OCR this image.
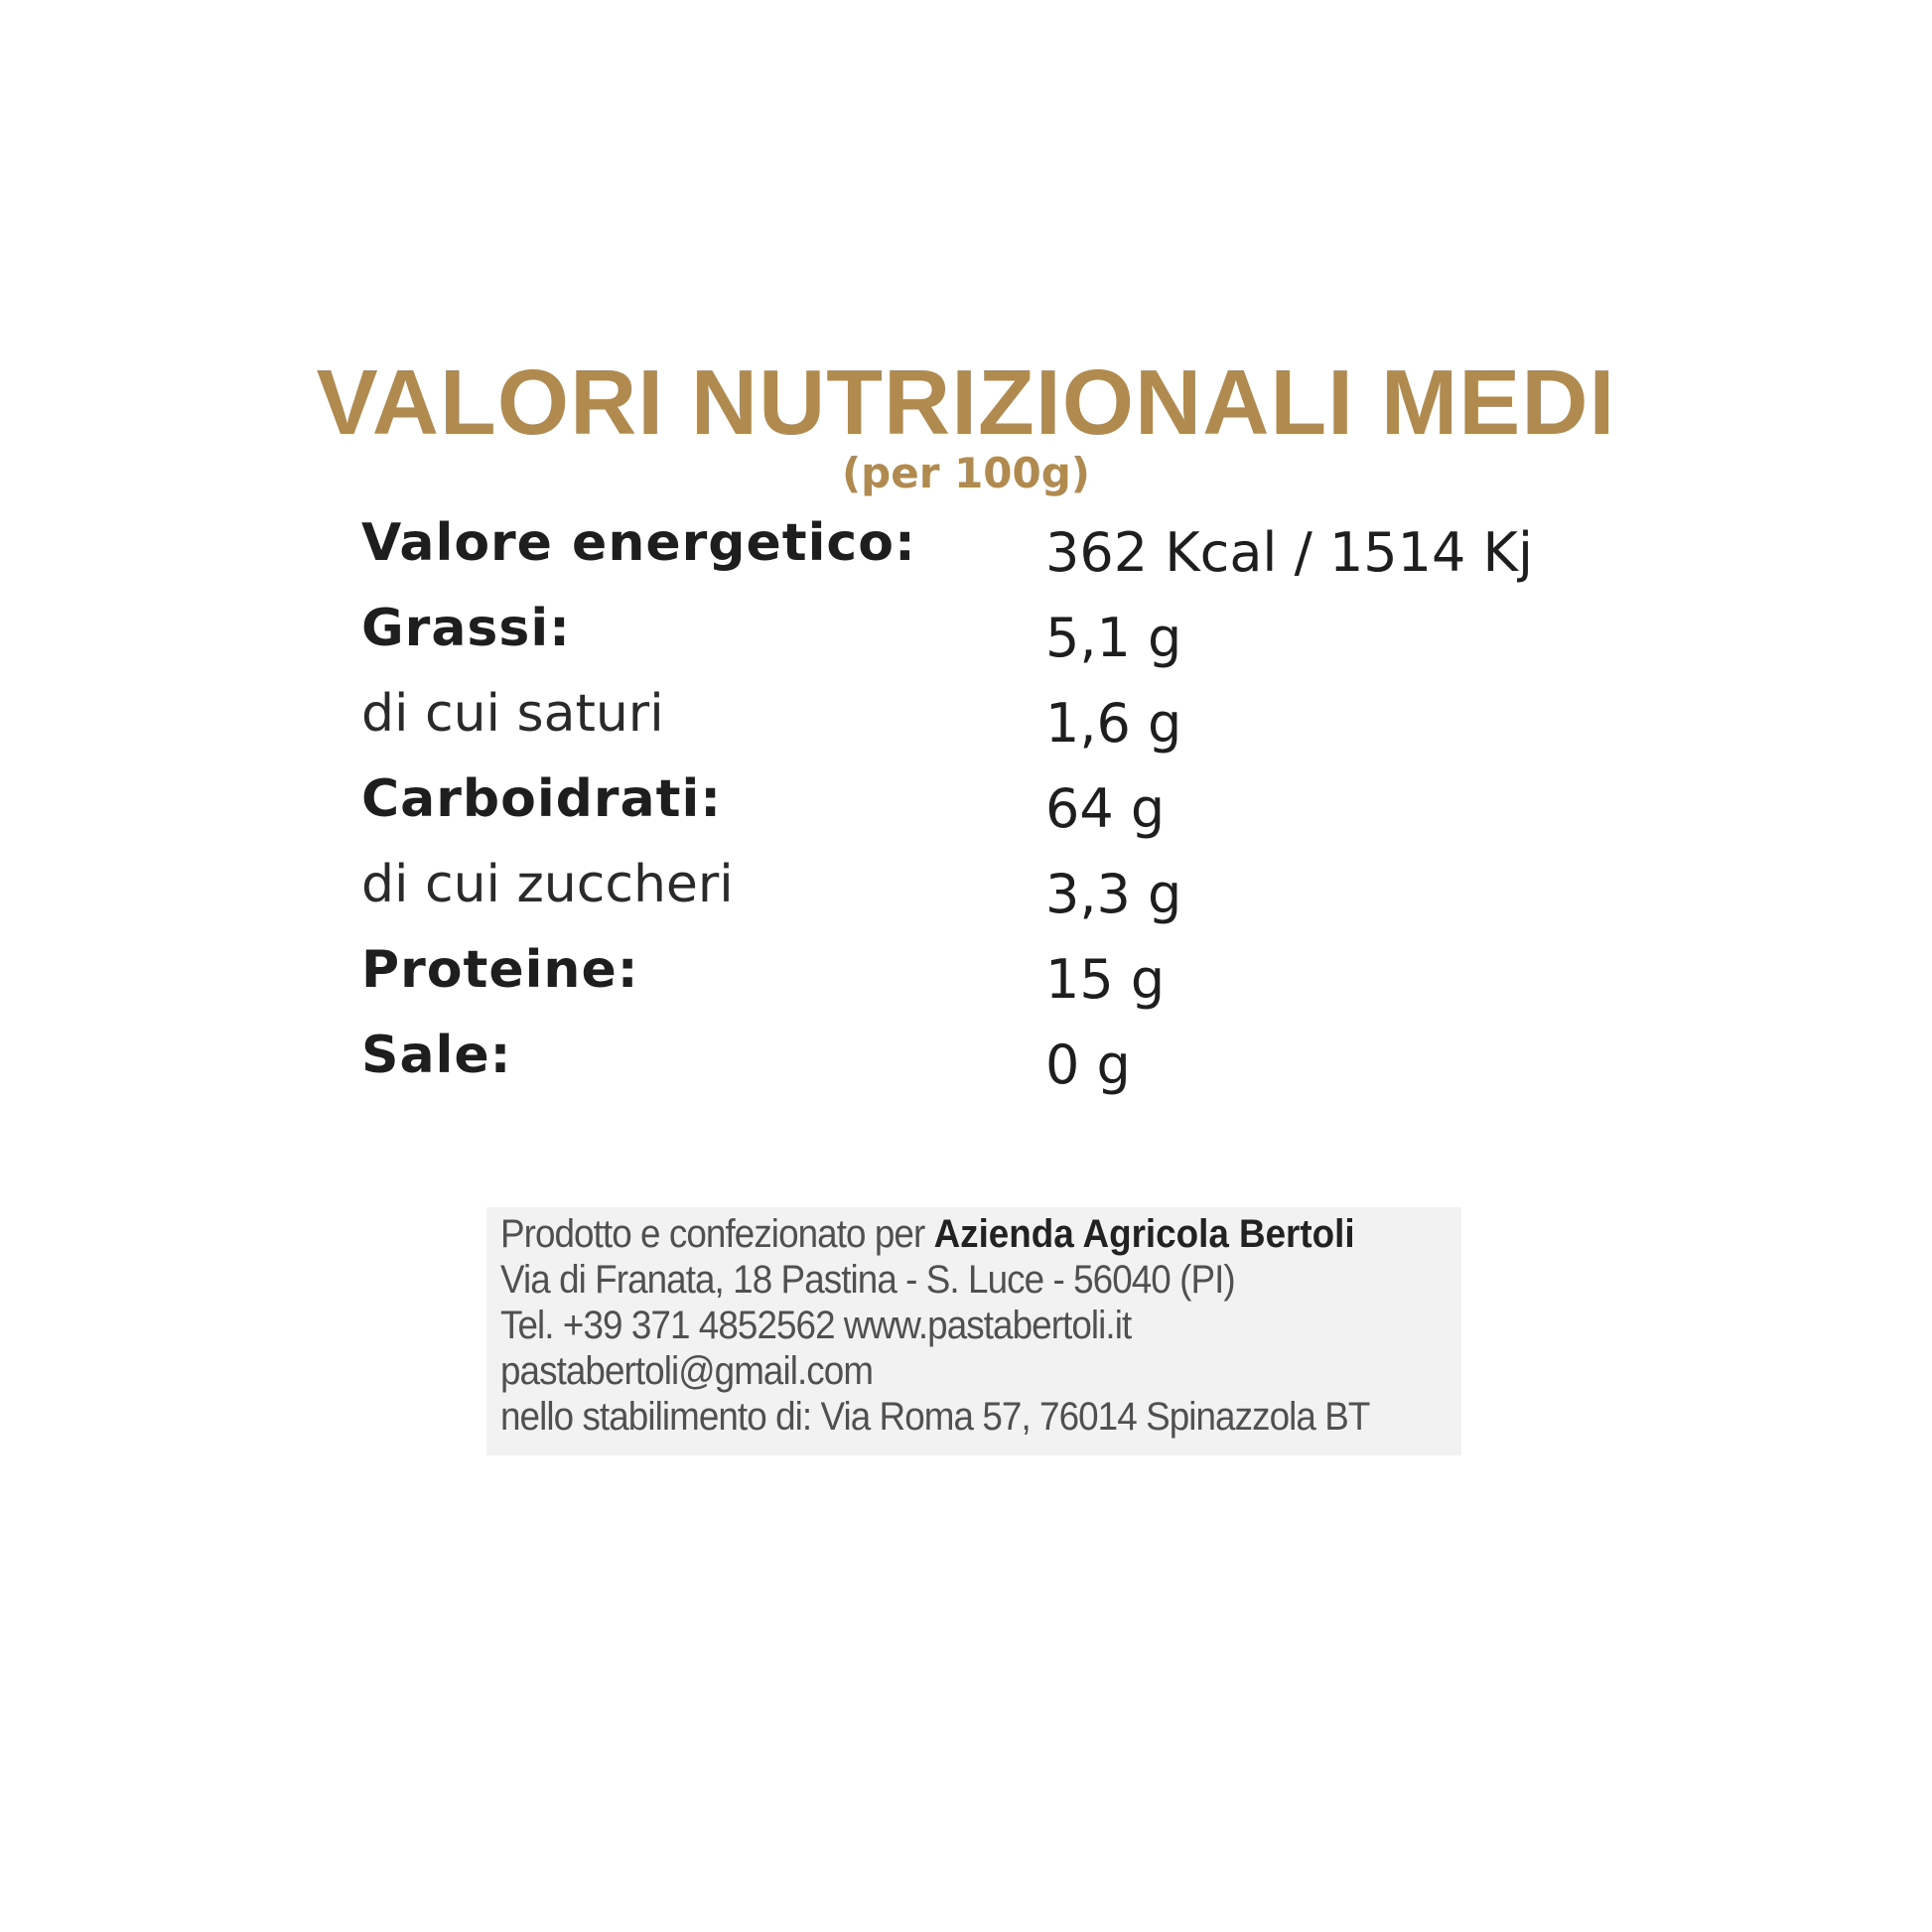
VALORI NUTRIZIONALI MEDI
(per 100g)
Valore energetico: 362 Kcal / 1514 Kj
Grassi:	5,1 g
di cui saturi	1,6 g
Carboidrati:	64 g
di cui zuccheri	3,3 g
Proteine:	15 g
Sale:	0 g
Prodotto e confezionato per Azienda Agricola Bertoli
Via di Franata, 18 Pastina - S. Luce - 56040 (PI)
Tel. +39 371 4852562 www.pastabertoli.it
pastabertoli@gmail.com
nello stabilimento di: Via Roma 57, 76014 Spinazzola BT
